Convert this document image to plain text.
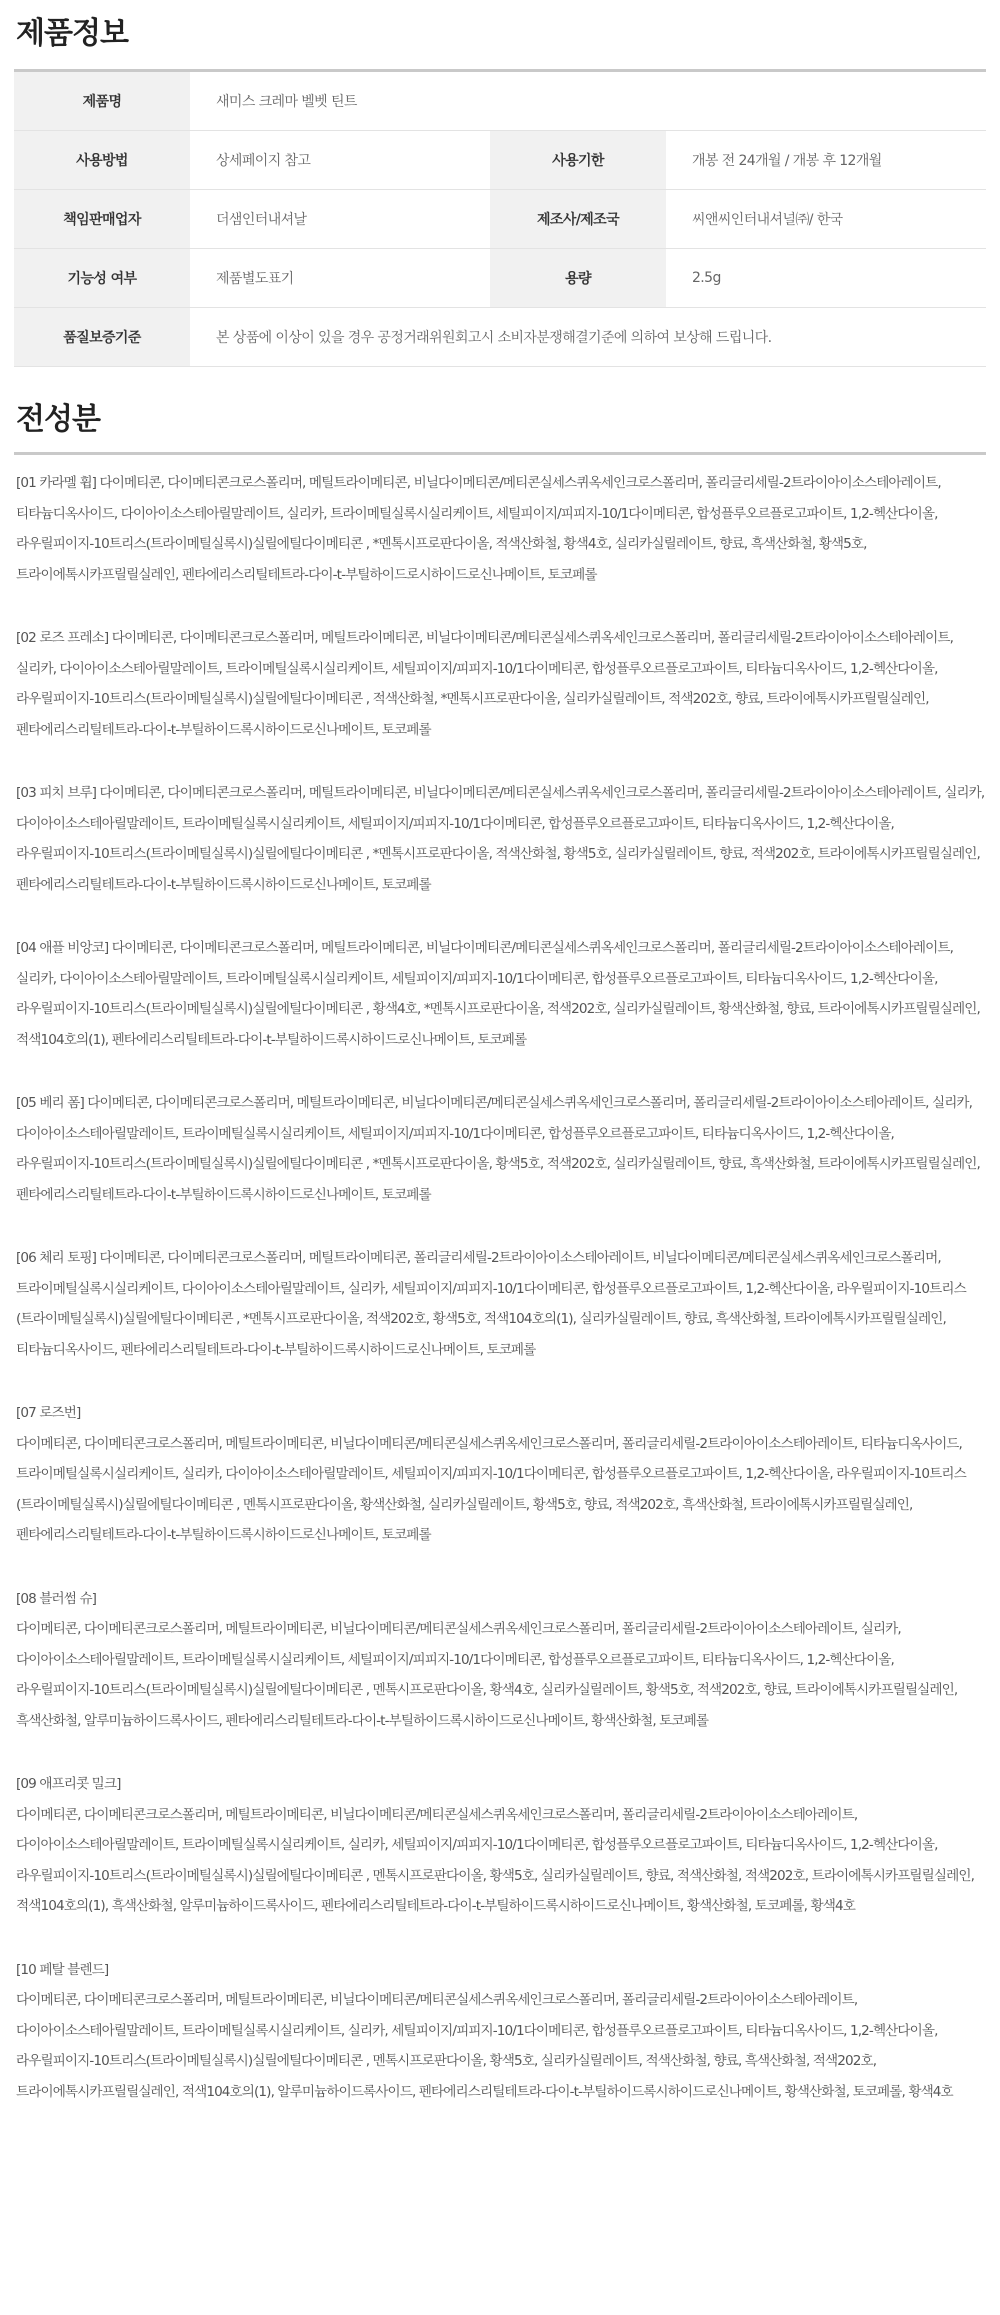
제품정보
제품명	새미스 크레마 벨벳 틴트		
사용방법	상세페이지 참고	사용기한	개봉 전 24개월 / 개봉 후 12개월
책임판매업자	더샘인터내셔날	제조사/제조국	씨앤씨인터내셔널㈜/ 한국
기능성 여부	제품별도표기	용량	2.5g
품질보증기준	본 상품에 이상이 있을 경우 공정거래위원회고시 소비자분쟁해결기준에 의하여 보상해 드립니다.		
전성분

[01 카라멜 휩] 다이메티콘, 다이메티콘크로스폴리머, 메틸트라이메티콘, 비닐다이메티콘/메티콘실세스퀴옥세인크로스폴리머, 폴리글리세릴-2트라이아이소스테아레이트, 티타늄디옥사이드, 다이아이소스테아릴말레이트, 실리카, 트라이메틸실록시실리케이트, 세틸피이지/피피지-10/1다이메티콘, 합성플루오르플로고파이트, 1,2-헥산다이올, 라우릴피이지-10트리스(트라이메틸실록시)실릴에틸다이메티콘 , *멘톡시프로판다이올, 적색산화철, 황색4호, 실리카실릴레이트, 향료, 흑색산화철, 황색5호, 트라이에톡시카프릴릴실레인, 펜타에리스리틸테트라-다이-t-부틸하이드로시하이드로신나메이트, 토코페롤

[02 로즈 프레소] 다이메티콘, 다이메티콘크로스폴리머, 메틸트라이메티콘, 비닐다이메티콘/메티콘실세스퀴옥세인크로스폴리머, 폴리글리세릴-2트라이아이소스테아레이트, 실리카, 다이아이소스테아릴말레이트, 트라이메틸실록시실리케이트, 세틸피이지/피피지-10/1다이메티콘, 합성플루오르플로고파이트, 티타늄디옥사이드, 1,2-헥산다이올, 라우릴피이지-10트리스(트라이메틸실록시)실릴에틸다이메티콘 , 적색산화철, *멘톡시프로판다이올, 실리카실릴레이트, 적색202호, 향료, 트라이에톡시카프릴릴실레인, 펜타에리스리틸테트라-다이-t-부틸하이드록시하이드로신나메이트, 토코페롤

[03 피치 브루] 다이메티콘, 다이메티콘크로스폴리머, 메틸트라이메티콘, 비닐다이메티콘/메티콘실세스퀴옥세인크로스폴리머, 폴리글리세릴-2트라이아이소스테아레이트, 실리카, 다이아이소스테아릴말레이트, 트라이메틸실록시실리케이트, 세틸피이지/피피지-10/1다이메티콘, 합성플루오르플로고파이트, 티타늄디옥사이드, 1,2-헥산다이올, 라우릴피이지-10트리스(트라이메틸실록시)실릴에틸다이메티콘 , *멘톡시프로판다이올, 적색산화철, 황색5호, 실리카실릴레이트, 향료, 적색202호, 트라이에톡시카프릴릴실레인, 펜타에리스리틸테트라-다이-t-부틸하이드록시하이드로신나메이트, 토코페롤

[04 애플 비앙코] 다이메티콘, 다이메티콘크로스폴리머, 메틸트라이메티콘, 비닐다이메티콘/메티콘실세스퀴옥세인크로스폴리머, 폴리글리세릴-2트라이아이소스테아레이트, 실리카, 다이아이소스테아릴말레이트, 트라이메틸실록시실리케이트, 세틸피이지/피피지-10/1다이메티콘, 합성플루오르플로고파이트, 티타늄디옥사이드, 1,2-헥산다이올, 라우릴피이지-10트리스(트라이메틸실록시)실릴에틸다이메티콘 , 황색4호, *멘톡시프로판다이올, 적색202호, 실리카실릴레이트, 황색산화철, 향료, 트라이에톡시카프릴릴실레인, 적색104호의(1), 펜타에리스리틸테트라-다이-t-부틸하이드록시하이드로신나메이트, 토코페롤

[05 베리 폼] 다이메티콘, 다이메티콘크로스폴리머, 메틸트라이메티콘, 비닐다이메티콘/메티콘실세스퀴옥세인크로스폴리머, 폴리글리세릴-2트라이아이소스테아레이트, 실리카, 다이아이소스테아릴말레이트, 트라이메틸실록시실리케이트, 세틸피이지/피피지-10/1다이메티콘, 합성플루오르플로고파이트, 티타늄디옥사이드, 1,2-헥산다이올, 라우릴피이지-10트리스(트라이메틸실록시)실릴에틸다이메티콘 , *멘톡시프로판다이올, 황색5호, 적색202호, 실리카실릴레이트, 향료, 흑색산화철, 트라이에톡시카프릴릴실레인, 펜타에리스리틸테트라-다이-t-부틸하이드록시하이드로신나메이트, 토코페롤

[06 체리 토핑] 다이메티콘, 다이메티콘크로스폴리머, 메틸트라이메티콘, 폴리글리세릴-2트라이아이소스테아레이트, 비닐다이메티콘/메티콘실세스퀴옥세인크로스폴리머, 트라이메틸실록시실리케이트, 다이아이소스테아릴말레이트, 실리카, 세틸피이지/피피지-10/1다이메티콘, 합성플루오르플로고파이트, 1,2-헥산다이올, 라우릴피이지-10트리스(트라이메틸실록시)실릴에틸다이메티콘 , *멘톡시프로판다이올, 적색202호, 황색5호, 적색104호의(1), 실리카실릴레이트, 향료, 흑색산화철, 트라이에톡시카프릴릴실레인, 티타늄디옥사이드, 펜타에리스리틸테트라-다이-t-부틸하이드록시하이드로신나메이트, 토코페롤

[07 로즈번]

다이메티콘, 다이메티콘크로스폴리머, 메틸트라이메티콘, 비닐다이메티콘/메티콘실세스퀴옥세인크로스폴리머, 폴리글리세릴-2트라이아이소스테아레이트, 티타늄디옥사이드, 트라이메틸실록시실리케이트, 실리카, 다이아이소스테아릴말레이트, 세틸피이지/피피지-10/1다이메티콘, 합성플루오르플로고파이트, 1,2-헥산다이올, 라우릴피이지-10트리스(트라이메틸실록시)실릴에틸다이메티콘 , 멘톡시프로판다이올, 황색산화철, 실리카실릴레이트, 황색5호, 향료, 적색202호, 흑색산화철, 트라이에톡시카프릴릴실레인, 펜타에리스리틸테트라-다이-t-부틸하이드록시하이드로신나메이트, 토코페롤

[08 블러썸 슈]

다이메티콘, 다이메티콘크로스폴리머, 메틸트라이메티콘, 비닐다이메티콘/메티콘실세스퀴옥세인크로스폴리머, 폴리글리세릴-2트라이아이소스테아레이트, 실리카, 다이아이소스테아릴말레이트, 트라이메틸실록시실리케이트, 세틸피이지/피피지-10/1다이메티콘, 합성플루오르플로고파이트, 티타늄디옥사이드, 1,2-헥산다이올, 라우릴피이지-10트리스(트라이메틸실록시)실릴에틸다이메티콘 , 멘톡시프로판다이올, 황색4호, 실리카실릴레이트, 황색5호, 적색202호, 향료, 트라이에톡시카프릴릴실레인, 흑색산화철, 알루미늄하이드록사이드, 펜타에리스리틸테트라-다이-t-부틸하이드록시하이드로신나메이트, 황색산화철, 토코페롤

[09 애프리콧 밀크]

다이메티콘, 다이메티콘크로스폴리머, 메틸트라이메티콘, 비닐다이메티콘/메티콘실세스퀴옥세인크로스폴리머, 폴리글리세릴-2트라이아이소스테아레이트, 다이아이소스테아릴말레이트, 트라이메틸실록시실리케이트, 실리카, 세틸피이지/피피지-10/1다이메티콘, 합성플루오르플로고파이트, 티타늄디옥사이드, 1,2-헥산다이올, 라우릴피이지-10트리스(트라이메틸실록시)실릴에틸다이메티콘 , 멘톡시프로판다이올, 황색5호, 실리카실릴레이트, 향료, 적색산화철, 적색202호, 트라이에톡시카프릴릴실레인, 적색104호의(1), 흑색산화철, 알루미늄하이드록사이드, 펜타에리스리틸테트라-다이-t-부틸하이드록시하이드로신나메이트, 황색산화철, 토코페롤, 황색4호

[10 페탈 블렌드]

다이메티콘, 다이메티콘크로스폴리머, 메틸트라이메티콘, 비닐다이메티콘/메티콘실세스퀴옥세인크로스폴리머, 폴리글리세릴-2트라이아이소스테아레이트, 다이아이소스테아릴말레이트, 트라이메틸실록시실리케이트, 실리카, 세틸피이지/피피지-10/1다이메티콘, 합성플루오르플로고파이트, 티타늄디옥사이드, 1,2-헥산다이올, 라우릴피이지-10트리스(트라이메틸실록시)실릴에틸다이메티콘 , 멘톡시프로판다이올, 황색5호, 실리카실릴레이트, 적색산화철, 향료, 흑색산화철, 적색202호, 트라이에톡시카프릴릴실레인, 적색104호의(1), 알루미늄하이드록사이드, 펜타에리스리틸테트라-다이-t-부틸하이드록시하이드로신나메이트, 황색산화철, 토코페롤, 황색4호
